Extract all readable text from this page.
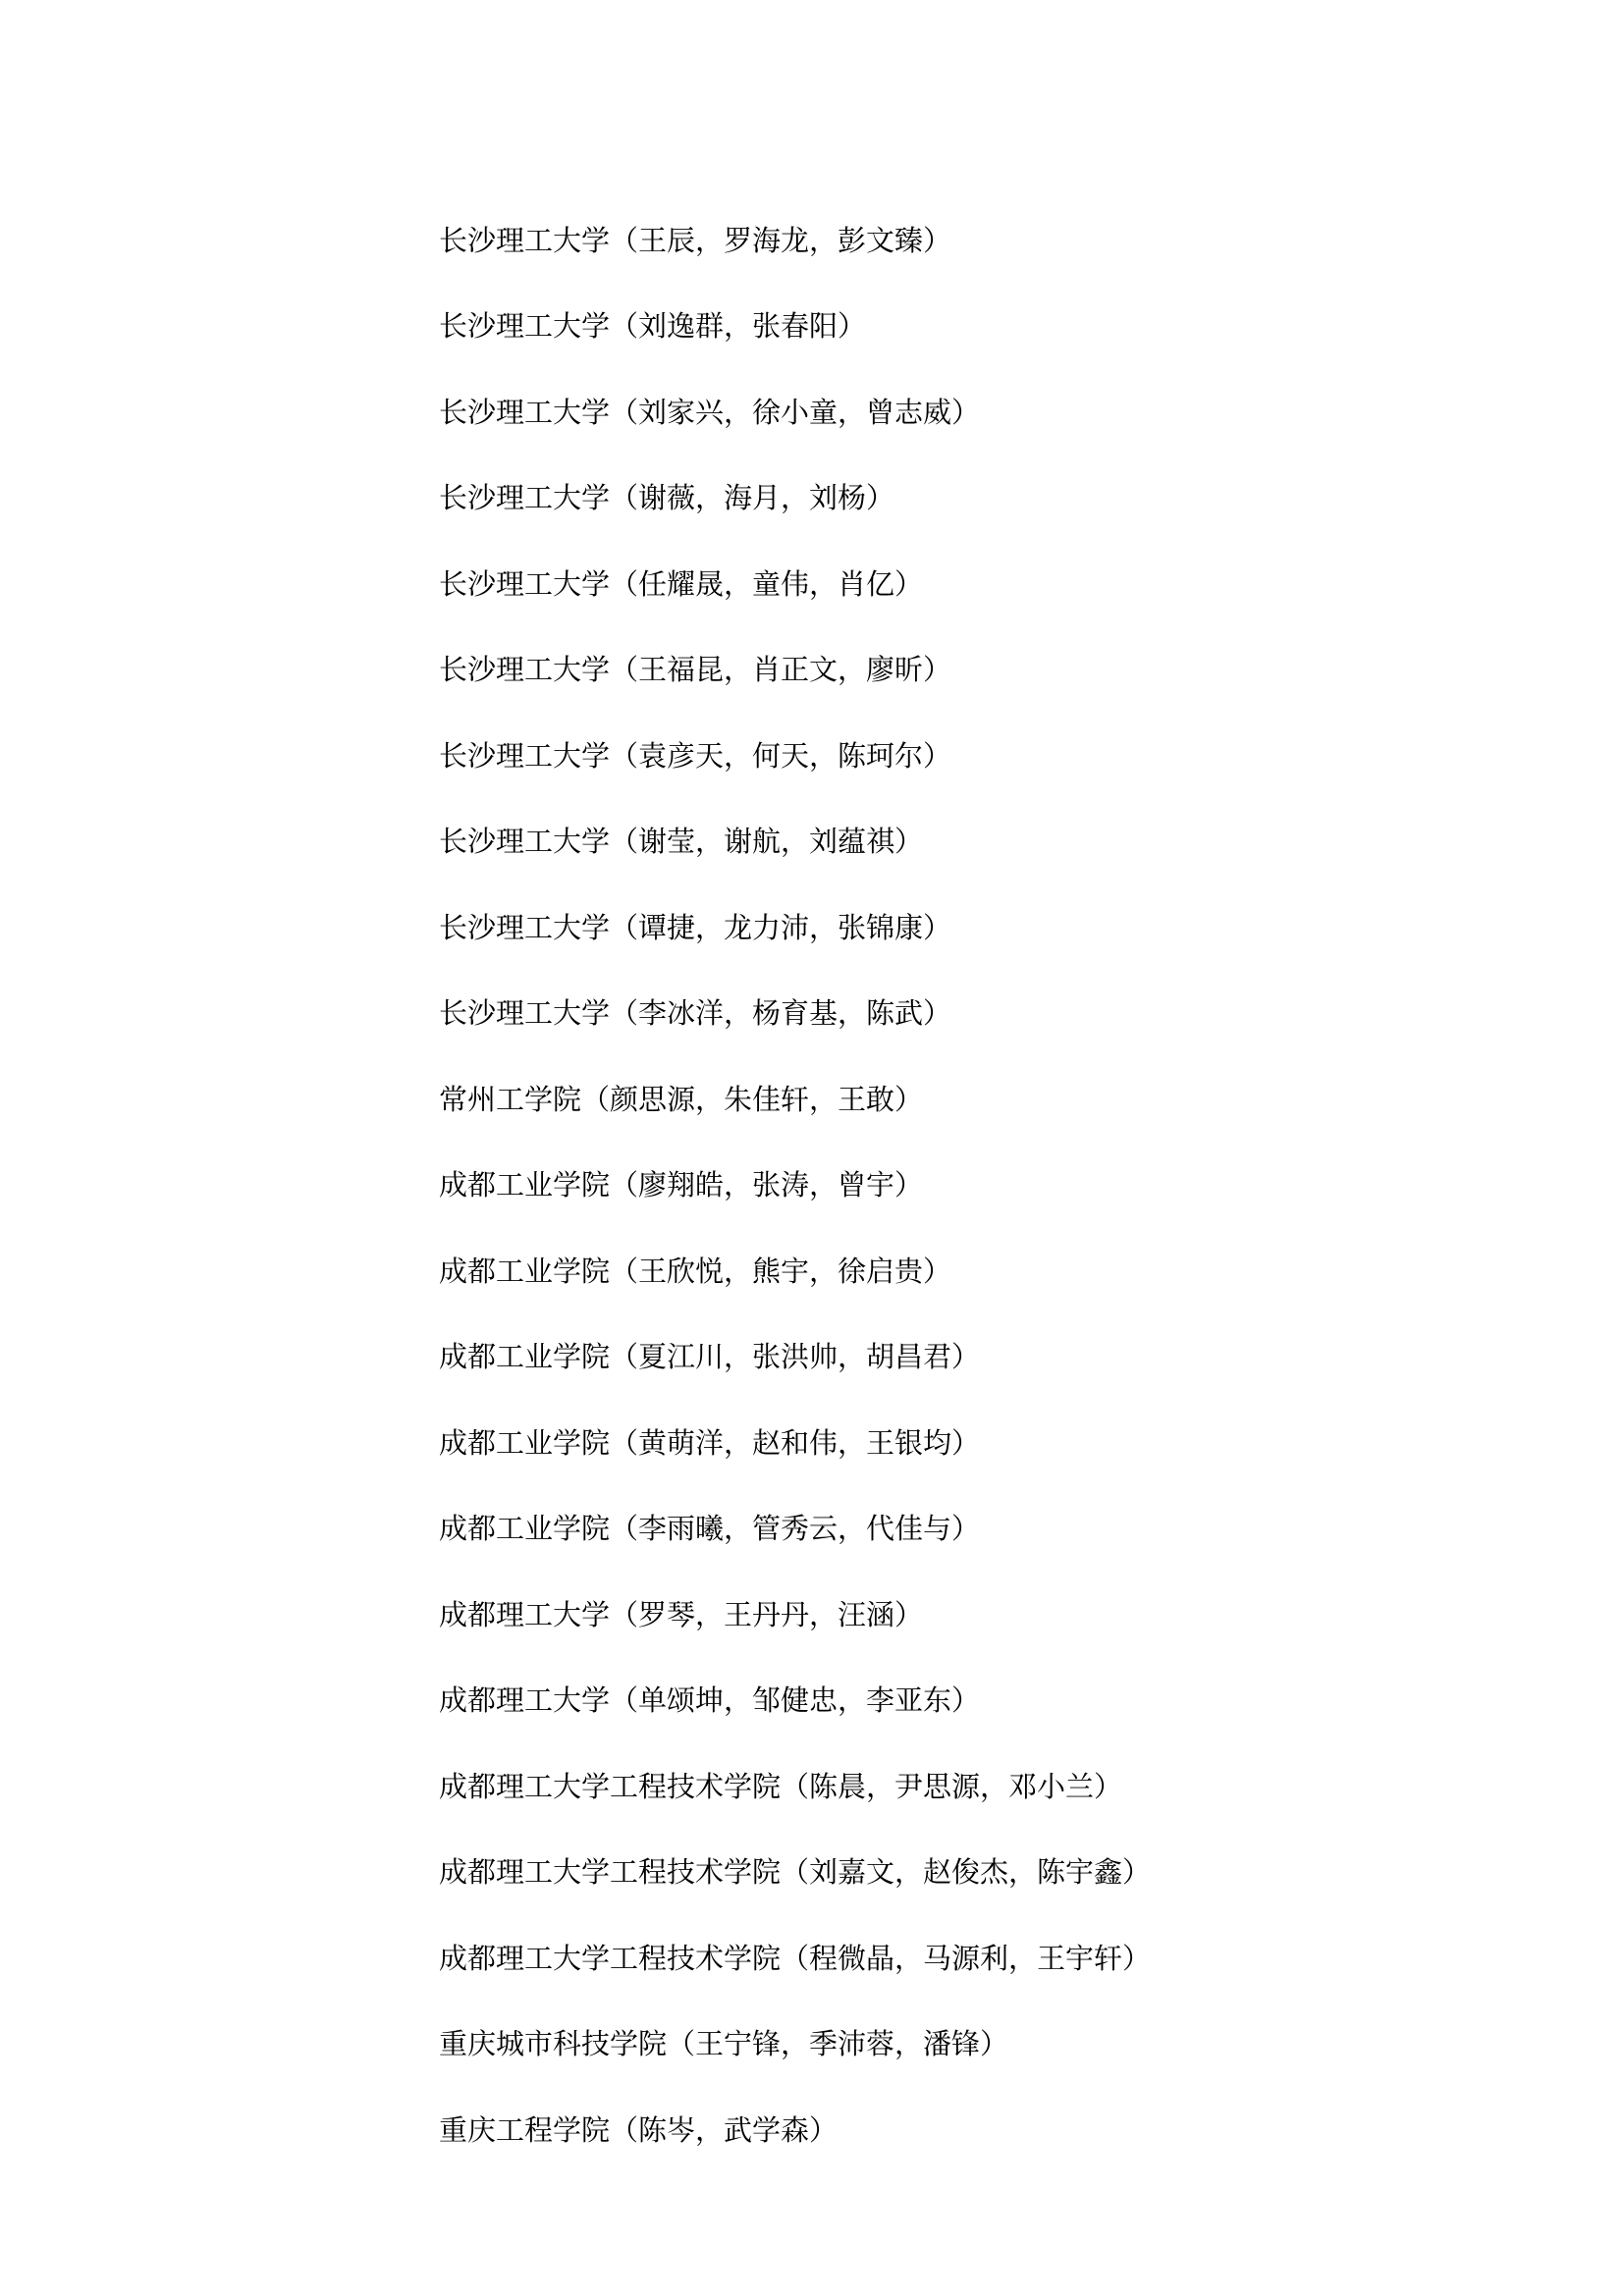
长沙理工大学（王辰，罗海龙，彭文臻）
长沙理工大学（刘逸群，张春阳）
长沙理工大学（刘家兴，徐小童，曾志威）
长沙理工大学（谢薇，海月，刘杨）
长沙理工大学（任耀晟，童伟，肖亿）
长沙理工大学（王福昆，肖正文，廖昕）
长沙理工大学（袁彦天，何天，陈珂尔）
长沙理工大学（谢莹，谢航，刘蕴祺）
长沙理工大学（谭捷，龙力沛，张锦康）
长沙理工大学（李冰洋，杨育基，陈武）
常州工学院（颜思源，朱佳轩，王敢）
成都工业学院（廖翔皓，张涛，曾宇）
成都工业学院（王欣悦，熊宇，徐启贵）
成都工业学院（夏江川，张洪帅，胡昌君）
成都工业学院（黄萌洋，赵和伟，王银均）
成都工业学院（李雨曦，管秀云，代佳与）
成都理工大学（罗琴，王丹丹，汪涵）
成都理工大学（单颂坤，邹健忠，李亚东）
成都理工大学工程技术学院（陈晨，尹思源，邓小兰）
成都理工大学工程技术学院（刘嘉文，赵俊杰，陈宇鑫）
成都理工大学工程技术学院（程微晶，马源利，王宇轩）
重庆城市科技学院（王宁锋，季沛蓉，潘锋）
重庆工程学院（陈岑，武学森）
